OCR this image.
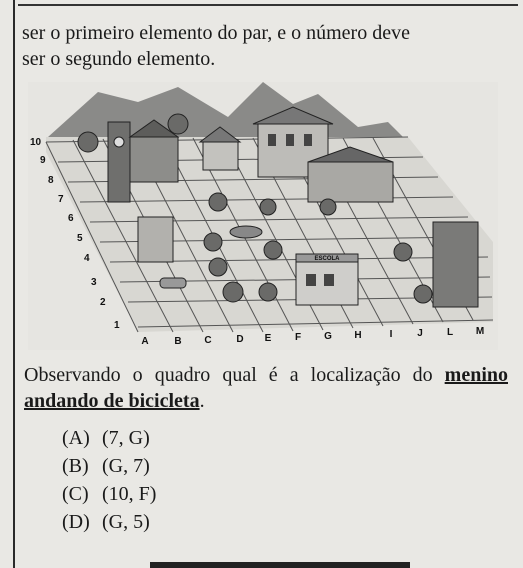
ser o primeiro elemento do par, e o número deve
ser o segundo elemento.
ESCOLA
10
9
8
7
6
5
4
3
2
1
A	B C D E F G H	I J L M
Observando o quadro qual é a localização do menino andando de bicicleta.
(A) (7, G)
(B) (G, 7)
(C) (10, F)
(D) (G, 5)
